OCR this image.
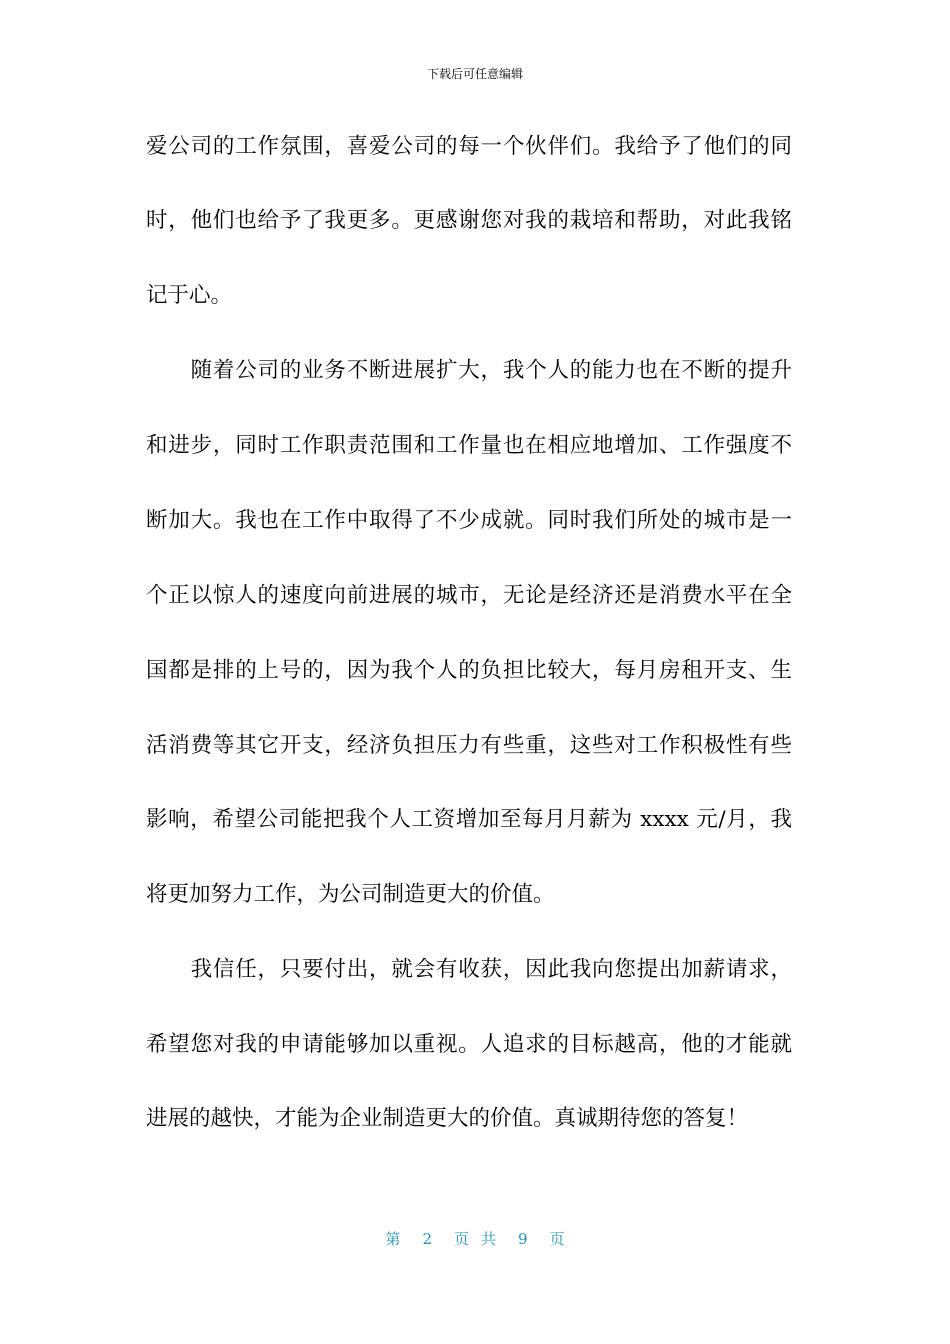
下载后可任意编辑
爱公司的工作氛围，喜爱公司的每一个伙伴们。我给予了他们的同
时，他们也给予了我更多。更感谢您对我的栽培和帮助，对此我铭
记于心。
　　随着公司的业务不断进展扩大，我个人的能力也在不断的提升
和进步，同时工作职责范围和工作量也在相应地增加、工作强度不
断加大。我也在工作中取得了不少成就。同时我们所处的城市是一
个正以惊人的速度向前进展的城市，无论是经济还是消费水平在全
国都是排的上号的，因为我个人的负担比较大，每月房租开支、生
活消费等其它开支，经济负担压力有些重，这些对工作积极性有些
影响，希望公司能把我个人工资增加至每月月薪为 xxxx 元/月，我
将更加努力工作，为公司制造更大的价值。
　　我信任，只要付出，就会有收获，因此我向您提出加薪请求，
希望您对我的申请能够加以重视。人追求的目标越高，他的才能就
进展的越快，才能为企业制造更大的价值。真诚期待您的答复！
第 2 页共 9 页
